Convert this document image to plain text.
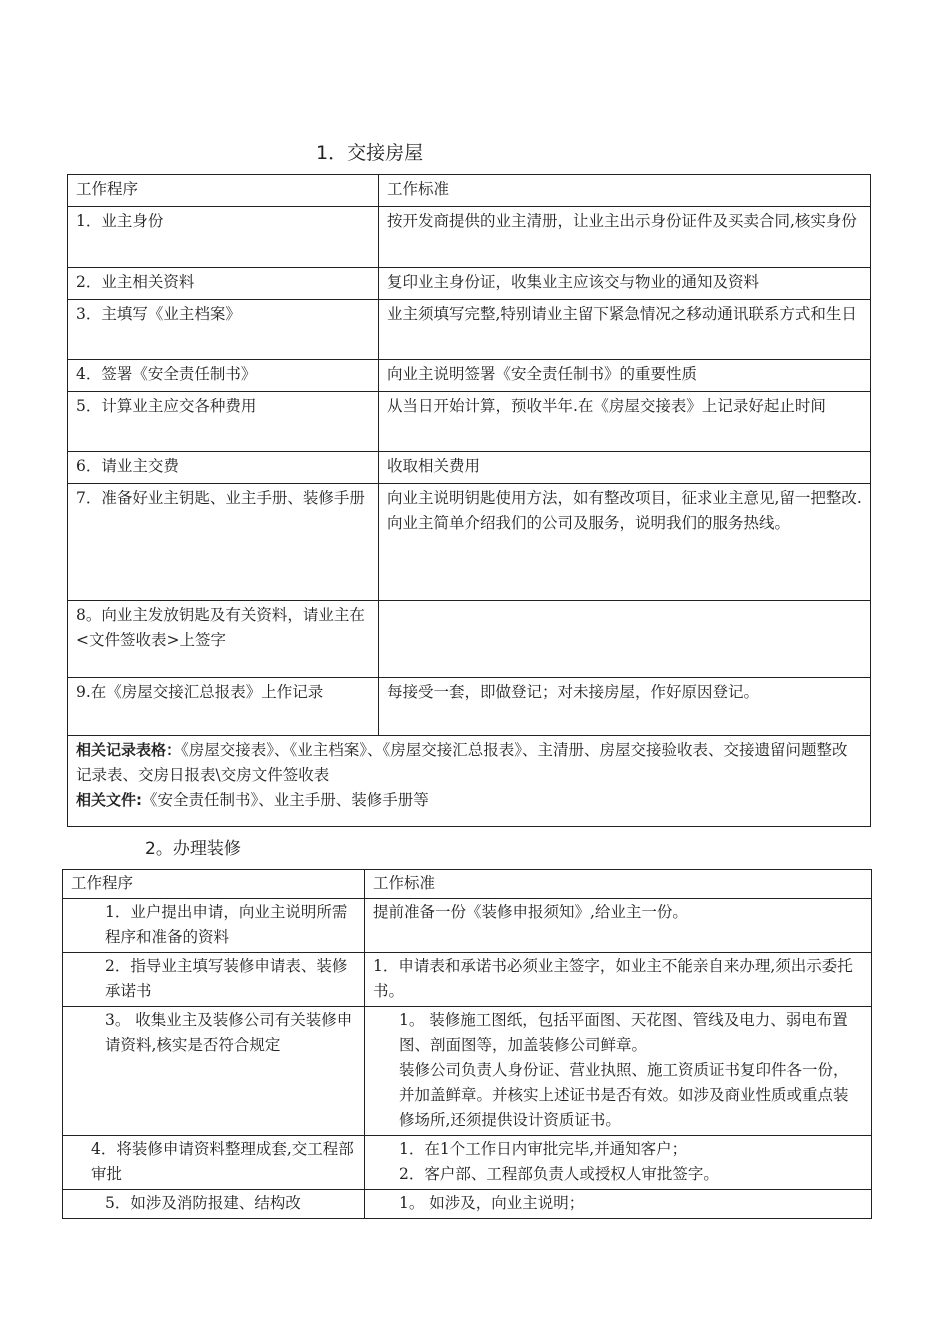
1．交接房屋
工作程序	工作标准
1．业主身份	按开发商提供的业主清册，让业主出示身份证件及买卖合同,核实身份
2．业主相关资料	复印业主身份证，收集业主应该交与物业的通知及资料
3．主填写《业主档案》	业主须填写完整,特别请业主留下紧急情况之移动通讯联系方式和生日
4．签署《安全责任制书》	向业主说明签署《安全责任制书》的重要性质
5．计算业主应交各种费用	从当日开始计算，预收半年.在《房屋交接表》上记录好起止时间
6．请业主交费	收取相关费用
7．准备好业主钥匙、业主手册、装修手册	向业主说明钥匙使用方法，如有整改项目，征求业主意见,留一把整改.

向业主简单介绍我们的公司及服务，说明我们的服务热线。

8。向业主发放钥匙及有关资料，请业主在<文件签收表>上签字	
9.在《房屋交接汇总报表》上作记录	每接受一套，即做登记；对未接房屋，作好原因登记。

相关记录表格：《房屋交接表》、《业主档案》、《房屋交接汇总报表》、主清册、房屋交接验收表、交接遗留问题整改记录表、交房日报表\交房文件签收表

相关文件:《安全责任制书》、业主手册、装修手册等	

2。办理装修
工作程序	工作标准
1．业户提出申请，向业主说明所需程序和准备的资料	提前准备一份《装修申报须知》,给业主一份。
2．指导业主填写装修申请表、装修承诺书	1．申请表和承诺书必须业主签字，如业主不能亲自来办理,须出示委托书。
3。 收集业主及装修公司有关装修申请资料,核实是否符合规定	1。 装修施工图纸，包括平面图、天花图、管线及电力、弱电布置图、剖面图等，加盖装修公司鲜章。

装修公司负责人身份证、营业执照、施工资质证书复印件各一份，并加盖鲜章。并核实上述证书是否有效。如涉及商业性质或重点装修场所,还须提供设计资质证书。

4．将装修申请资料整理成套,交工程部审批	1．在1个工作日内审批完毕,并通知客户；

2．客户部、工程部负责人或授权人审批签字。

5．如涉及消防报建、结构改	1。 如涉及，向业主说明；
